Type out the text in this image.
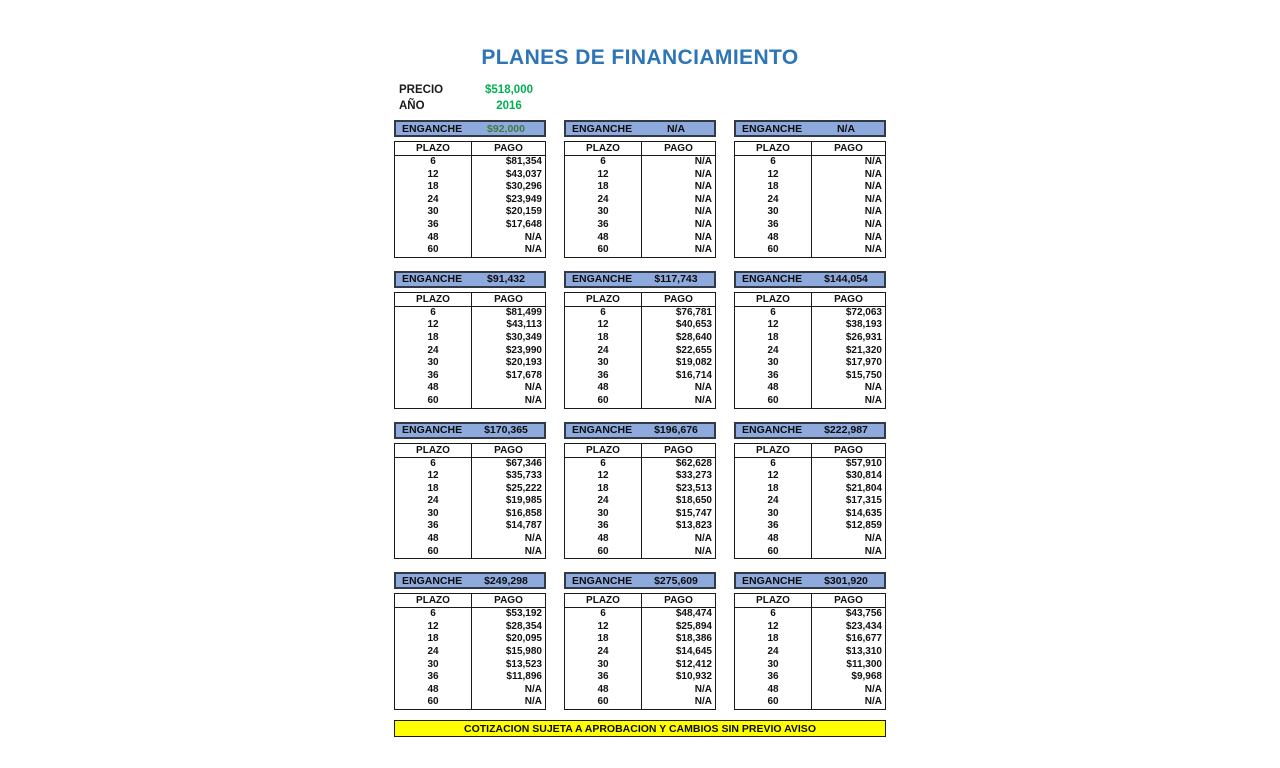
PLANES DE FINANCIAMIENTO
PRECIO	$518,000
AÑO	2016
ENGANCHE	$92,000
PLAZO	PAGO
6	$81,354
12	$43,037
18	$30,296
24	$23,949
30	$20,159
36	$17,648
48	N/A
60	N/A
ENGANCHE	N/A
PLAZO	PAGO
6	N/A
12	N/A
18	N/A
24	N/A
30	N/A
36	N/A
48	N/A
60	N/A
ENGANCHE	N/A
PLAZO	PAGO
6	N/A
12	N/A
18	N/A
24	N/A
30	N/A
36	N/A
48	N/A
60	N/A
ENGANCHE	$91,432
PLAZO	PAGO
6	$81,499
12	$43,113
18	$30,349
24	$23,990
30	$20,193
36	$17,678
48	N/A
60	N/A
ENGANCHE	$117,743
PLAZO	PAGO
6	$76,781
12	$40,653
18	$28,640
24	$22,655
30	$19,082
36	$16,714
48	N/A
60	N/A
ENGANCHE	$144,054
PLAZO	PAGO
6	$72,063
12	$38,193
18	$26,931
24	$21,320
30	$17,970
36	$15,750
48	N/A
60	N/A
ENGANCHE	$170,365
PLAZO	PAGO
6	$67,346
12	$35,733
18	$25,222
24	$19,985
30	$16,858
36	$14,787
48	N/A
60	N/A
ENGANCHE	$196,676
PLAZO	PAGO
6	$62,628
12	$33,273
18	$23,513
24	$18,650
30	$15,747
36	$13,823
48	N/A
60	N/A
ENGANCHE	$222,987
PLAZO	PAGO
6	$57,910
12	$30,814
18	$21,804
24	$17,315
30	$14,635
36	$12,859
48	N/A
60	N/A
ENGANCHE	$249,298
PLAZO	PAGO
6	$53,192
12	$28,354
18	$20,095
24	$15,980
30	$13,523
36	$11,896
48	N/A
60	N/A
ENGANCHE	$275,609
PLAZO	PAGO
6	$48,474
12	$25,894
18	$18,386
24	$14,645
30	$12,412
36	$10,932
48	N/A
60	N/A
ENGANCHE	$301,920
PLAZO	PAGO
6	$43,756
12	$23,434
18	$16,677
24	$13,310
30	$11,300
36	$9,968
48	N/A
60	N/A
COTIZACION SUJETA A APROBACION Y CAMBIOS SIN PREVIO AVISO
